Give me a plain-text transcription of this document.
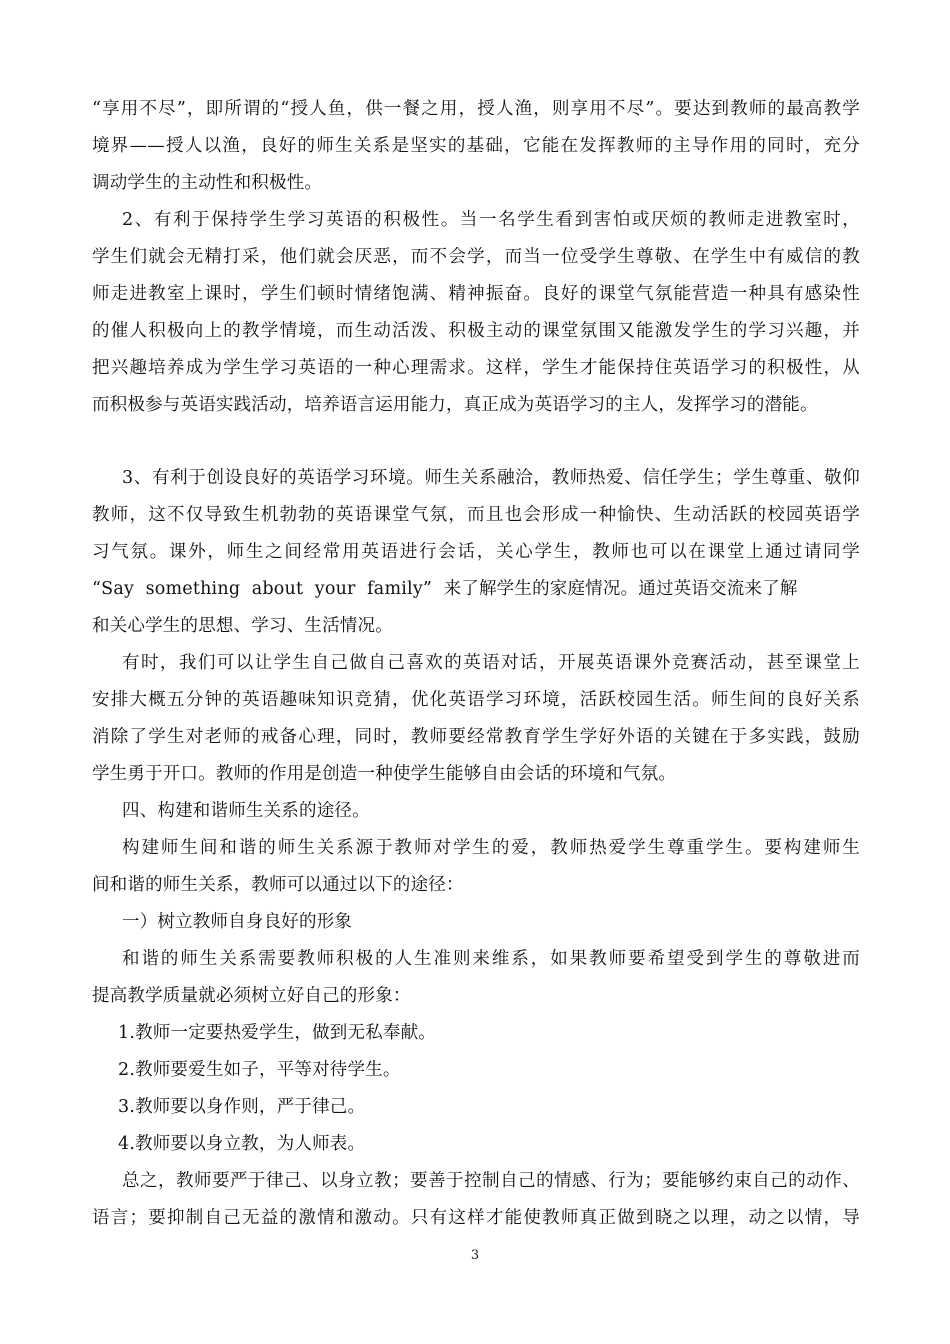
“享用不尽”，即所谓的“授人鱼，供一餐之用，授人渔，则享用不尽”。要达到教师的最高教学
境界——授人以渔，良好的师生关系是坚实的基础，它能在发挥教师的主导作用的同时，充分
调动学生的主动性和积极性。
2、有利于保持学生学习英语的积极性。当一名学生看到害怕或厌烦的教师走进教室时，
学生们就会无精打采，他们就会厌恶，而不会学，而当一位受学生尊敬、在学生中有威信的教
师走进教室上课时，学生们顿时情绪饱满、精神振奋。良好的课堂气氛能营造一种具有感染性
的催人积极向上的教学情境，而生动活泼、积极主动的课堂氛围又能激发学生的学习兴趣，并
把兴趣培养成为学生学习英语的一种心理需求。这样，学生才能保持住英语学习的积极性，从
而积极参与英语实践活动，培养语言运用能力，真正成为英语学习的主人，发挥学习的潜能。
3、有利于创设良好的英语学习环境。师生关系融洽，教师热爱、信任学生；学生尊重、敬仰
教师，这不仅导致生机勃勃的英语课堂气氛，而且也会形成一种愉快、生动活跃的校园英语学
习气氛。课外，师生之间经常用英语进行会话，关心学生，教师也可以在课堂上通过请同学
“Say  something  about  your  family”  来了解学生的家庭情况。通过英语交流来了解
和关心学生的思想、学习、生活情况。
有时，我们可以让学生自己做自己喜欢的英语对话，开展英语课外竞赛活动，甚至课堂上
安排大概五分钟的英语趣味知识竞猜，优化英语学习环境，活跃校园生活。师生间的良好关系
消除了学生对老师的戒备心理，同时，教师要经常教育学生学好外语的关键在于多实践，鼓励
学生勇于开口。教师的作用是创造一种使学生能够自由会话的环境和气氛。
四、构建和谐师生关系的途径。
构建师生间和谐的师生关系源于教师对学生的爱，教师热爱学生尊重学生。要构建师生
间和谐的师生关系，教师可以通过以下的途径：
一）树立教师自身良好的形象
和谐的师生关系需要教师积极的人生准则来维系，如果教师要希望受到学生的尊敬进而
提高教学质量就必须树立好自己的形象：
1.教师一定要热爱学生，做到无私奉献。
2.教师要爱生如子，平等对待学生。
3.教师要以身作则，严于律己。
4.教师要以身立教，为人师表。
总之，教师要严于律己、以身立教；要善于控制自己的情感、行为；要能够约束自己的动作、
语言；要抑制自己无益的激情和激动。只有这样才能使教师真正做到晓之以理，动之以情，导
3
